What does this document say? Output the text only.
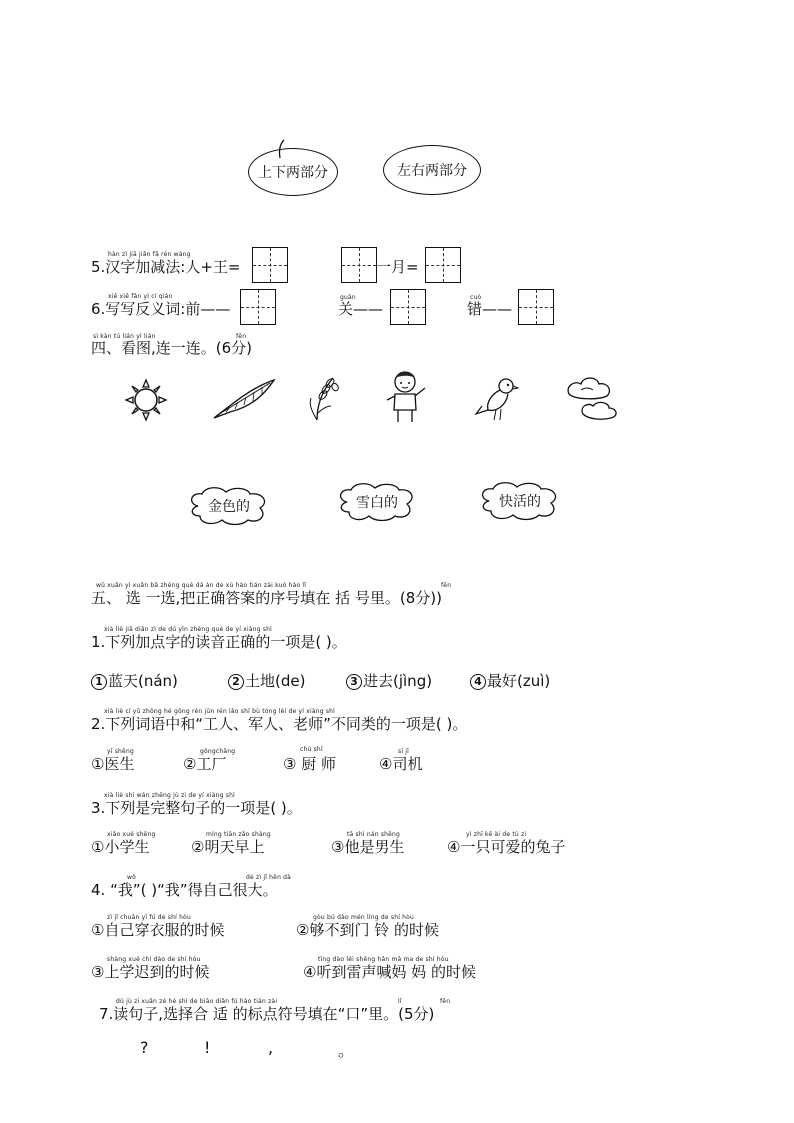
上下两部分	左右两部分
hàn zì jiā jiǎn fǎ rén wáng
5.汉字加减法:人+王=	一月=
xiě xiě fǎn yì cí qián
6.写写反义词:前——
guān
关——
cuò
错——
sì kàn tú lián yì lián	fēn
四、看图,连一连。(6分)
金色的	雪白的	快活的
wǔ xuǎn yì xuǎn bǎ zhèng què dá àn de xù hào tián zài kuò hào lǐ	fēn
五、 选 一选,把正确答案的序号填在 括 号里。(8分))
xià liè jiā diǎn zì de dú yīn zhèng què de yí xiàng shì
1.下列加点字的读音正确的一项是( )。
1 蓝天(nán)	2 土地(de)	3 进去(jìng)	4 最好(zuì)
xià liè cí yǔ zhōng hé gōng rén jūn rén lǎo shī bù tóng lèi de yí xiàng shì
2.下列词语中和“工人、军人、老师”不同类的一项是( )。
yī shēng
①医生
gōngchǎng
②工厂
chú shī
③ 厨 师
sī jī
④司机
xià liè shì wán zhěng jù zi de yí xiàng shì
3.下列是完整句子的一项是( )。
xiǎo xué shēng
①小学生
míng tiān zǎo shàng
②明天早上
tā shì nán shēng
③他是男生
yì zhī kě ài de tù zi
④一只可爱的兔子
wǒ	dé zì jǐ hěn dà
4. “我”( )“我”得自己很大。
zì jǐ chuān yī fú de shí hòu
①自己穿衣服的时候
gòu bú dào mén líng de shí hòu
②够不到门 铃 的时候
shàng xué chí dào de shí hòu
③上学迟到的时候
tīng dào léi shēng hǎn mā ma de shí hòu
④听到雷声喊妈 妈 的时候
dú jù zi xuǎn zé hé shì de biāo diǎn fú hào tián zài	lǐ	fēn
7.读句子,选择合 适 的标点符号填在“口”里。(5分)
?	!	,	。
